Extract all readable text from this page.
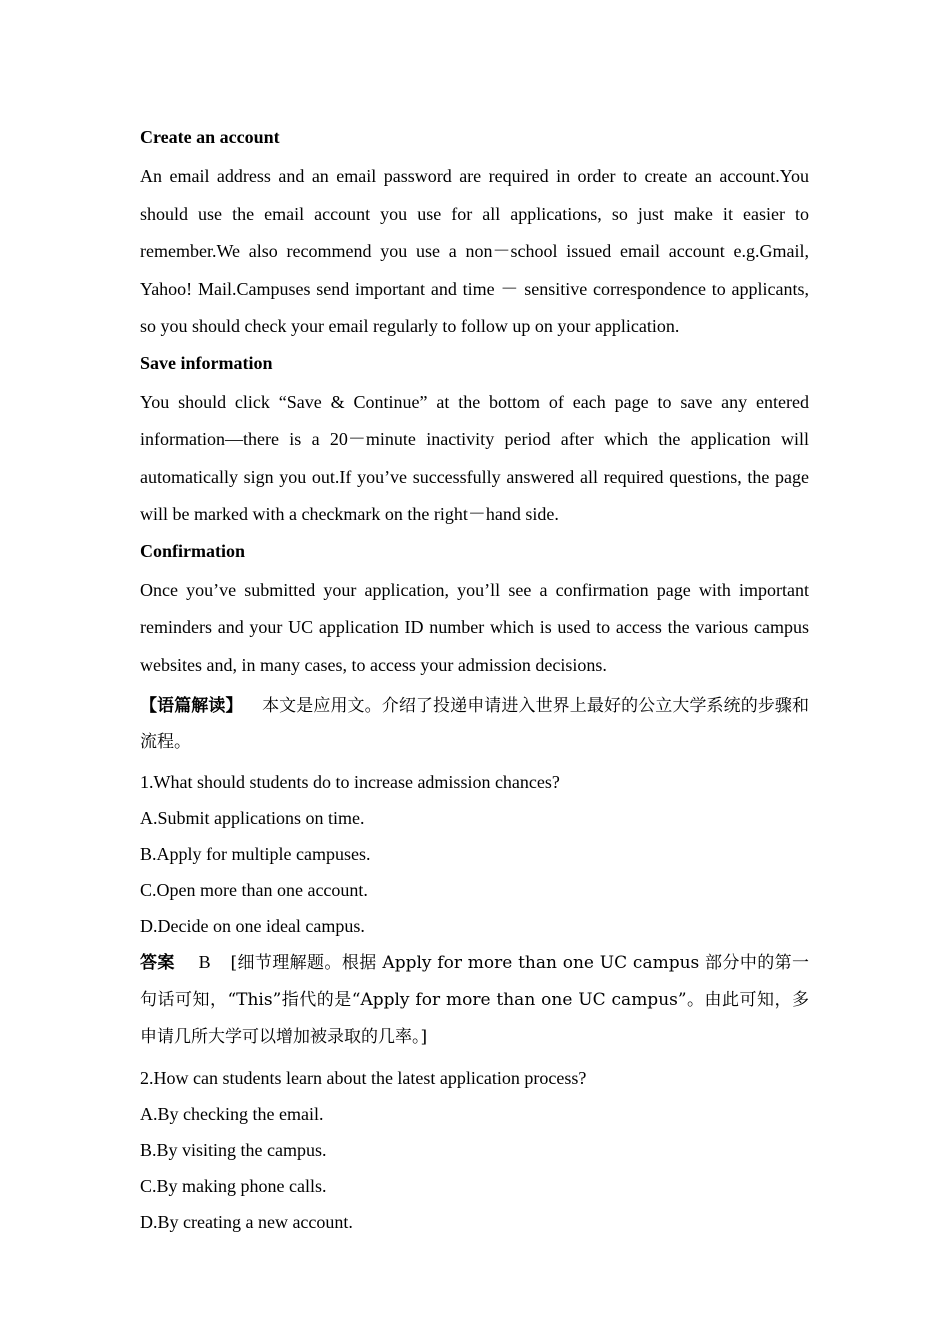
Create an account
An email address and an email password are required in order to create an account.You should use the email account you use for all applications, so just make it easier to remember.We also recommend you use a non－school issued email account e.g.Gmail, Yahoo! Mail.Campuses send important and time － sensitive correspondence to applicants, so you should check your email regularly to follow up on your application.
Save information
You should click “Save & Continue” at the bottom of each page to save any entered information—there is a 20－minute inactivity period after which the application will automatically sign you out.If you’ve successfully answered all required questions, the page will be marked with a checkmark on the right－hand side.
Confirmation
Once you’ve submitted your application, you’ll see a confirmation page with important reminders and your UC application ID number which is used to access the various campus websites and, in many cases, to access your admission decisions.
【语篇解读】 本文是应用文。介绍了投递申请进入世界上最好的公立大学系统的步骤和流程。
1.What should students do to increase admission chances?
A.Submit applications on time.
B.Apply for multiple campuses.
C.Open more than one account.
D.Decide on one ideal campus.
答案 B [细节理解题。根据 Apply for more than one UC campus 部分中的第一句话可知，“This”指代的是“Apply for more than one UC campus”。由此可知，多申请几所大学可以增加被录取的几率。]
2.How can students learn about the latest application process?
A.By checking the email.
B.By visiting the campus.
C.By making phone calls.
D.By creating a new account.
